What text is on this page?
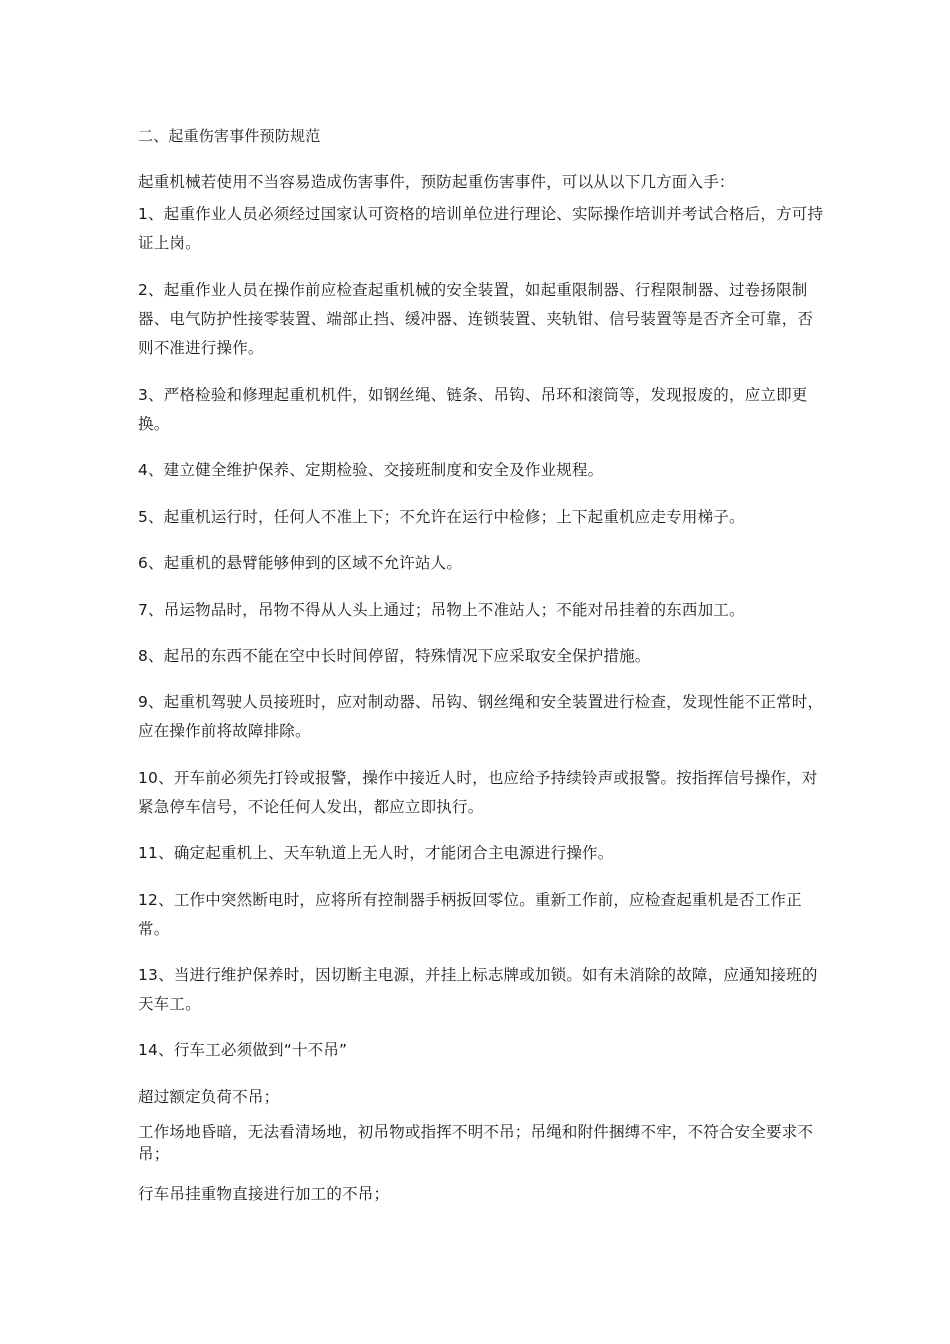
二、起重伤害事件预防规范
起重机械若使用不当容易造成伤害事件，预防起重伤害事件，可以从以下几方面入手：
1、起重作业人员必须经过国家认可资格的培训单位进行理论、实际操作培训并考试合格后，方可持证上岗。
2、起重作业人员在操作前应检查起重机械的安全装置，如起重限制器、行程限制器、过卷扬限制器、电气防护性接零装置、端部止挡、缓冲器、连锁装置、夹轨钳、信号装置等是否齐全可靠，否则不准进行操作。
3、严格检验和修理起重机机件，如钢丝绳、链条、吊钩、吊环和滚筒等，发现报废的，应立即更换。
4、建立健全维护保养、定期检验、交接班制度和安全及作业规程。
5、起重机运行时，任何人不准上下；不允许在运行中检修；上下起重机应走专用梯子。
6、起重机的悬臂能够伸到的区域不允许站人。
7、吊运物品时，吊物不得从人头上通过；吊物上不准站人；不能对吊挂着的东西加工。
8、起吊的东西不能在空中长时间停留，特殊情况下应采取安全保护措施。
9、起重机驾驶人员接班时，应对制动器、吊钩、钢丝绳和安全装置进行检查，发现性能不正常时，应在操作前将故障排除。
10、开车前必须先打铃或报警，操作中接近人时，也应给予持续铃声或报警。按指挥信号操作，对紧急停车信号，不论任何人发出，都应立即执行。
11、确定起重机上、天车轨道上无人时，才能闭合主电源进行操作。
12、工作中突然断电时，应将所有控制器手柄扳回零位。重新工作前，应检查起重机是否工作正常。
13、当进行维护保养时，因切断主电源，并挂上标志牌或加锁。如有未消除的故障，应通知接班的天车工。
14、行车工必须做到“十不吊”
超过额定负荷不吊；
工作场地昏暗，无法看清场地，初吊物或指挥不明不吊；吊绳和附件捆缚不牢，不符合安全要求不吊；
行车吊挂重物直接进行加工的不吊；
